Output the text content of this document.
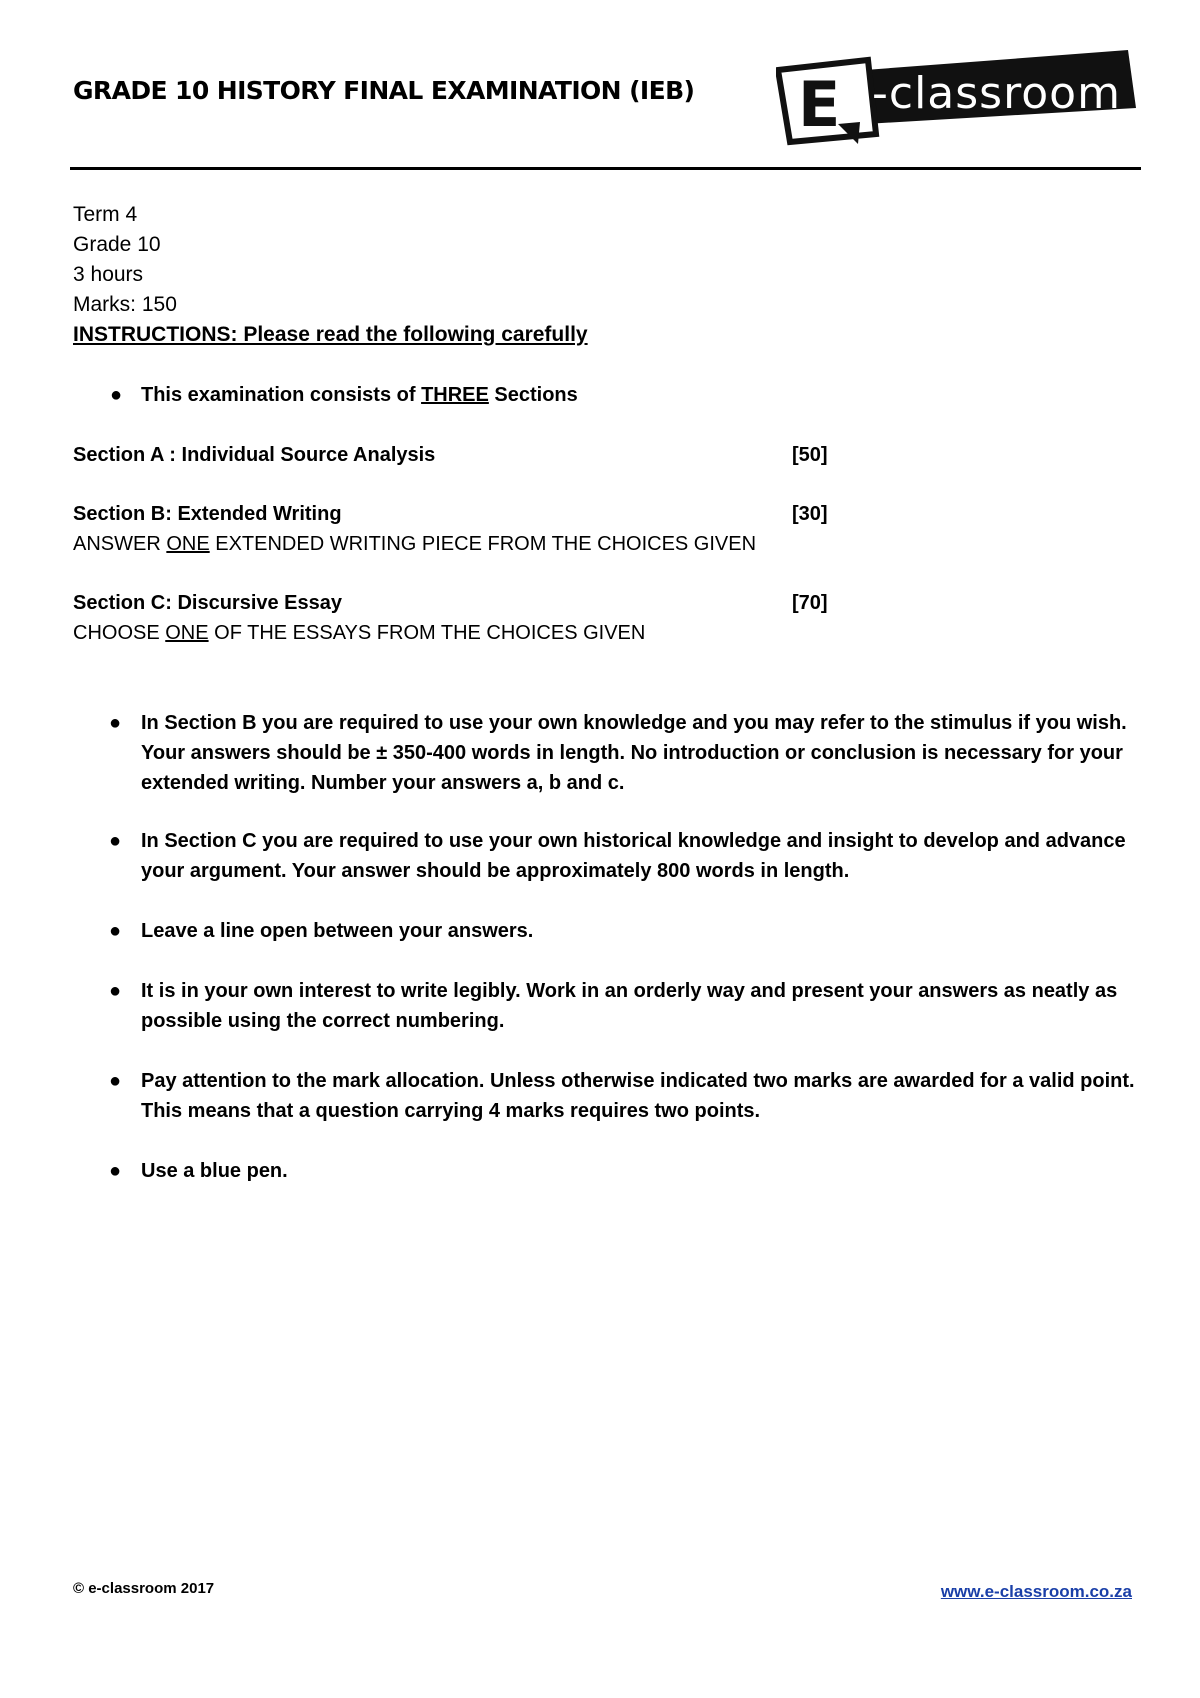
GRADE 10 HISTORY FINAL EXAMINATION (IEB) E -classroom
Term 4
Grade 10
3 hours
Marks: 150
INSTRUCTIONS: Please read the following carefully
● This examination consists of THREE Sections
Section A : Individual Source Analysis	[50]
Section B: Extended Writing
ANSWER ONE EXTENDED WRITING PIECE FROM THE CHOICES GIVEN
[30]
Section C: Discursive Essay
CHOOSE ONE OF THE ESSAYS FROM THE CHOICES GIVEN
[70]
● In Section B you are required to use your own knowledge and you may refer to the stimulus if you wish. Your answers should be ± 350-400 words in length. No introduction or conclusion is necessary for your extended writing. Number your answers a, b and c.
● In Section C you are required to use your own historical knowledge and insight to develop and advance your argument. Your answer should be approximately 800 words in length.
● Leave a line open between your answers.
● It is in your own interest to write legibly. Work in an orderly way and present your answers as neatly as possible using the correct numbering.
● Pay attention to the mark allocation. Unless otherwise indicated two marks are awarded for a valid point. This means that a question carrying 4 marks requires two points.
● Use a blue pen.
© e-classroom 2017	www.e-classroom.co.za
